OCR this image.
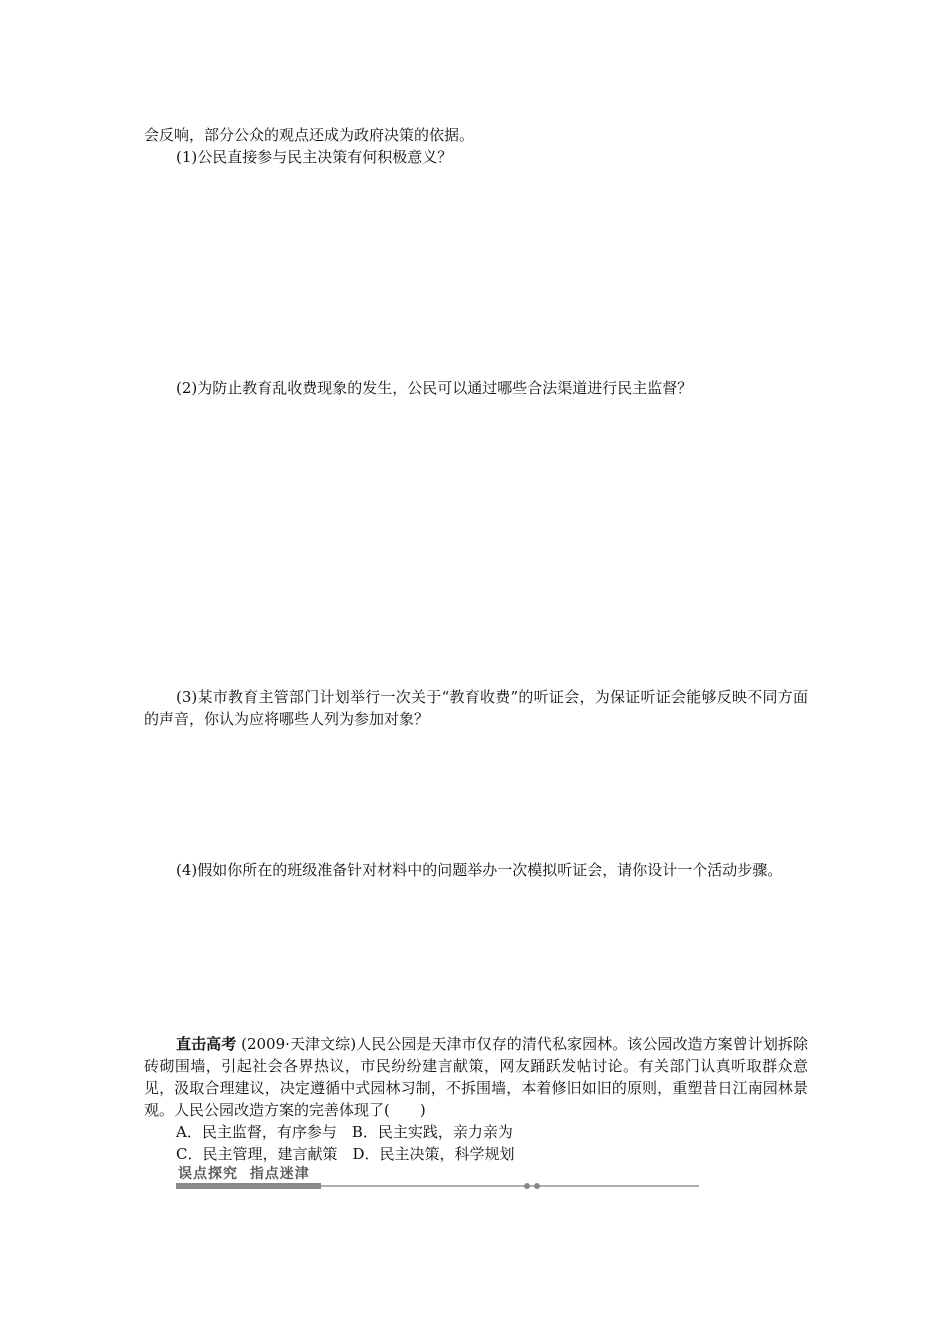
会反响，部分公众的观点还成为政府决策的依据。

(1)公民直接参与民主决策有何积极意义？

(2)为防止教育乱收费现象的发生，公民可以通过哪些合法渠道进行民主监督？

(3)某市教育主管部门计划举行一次关于“教育收费”的听证会，为保证听证会能够反映不同方面的声音，你认为应将哪些人列为参加对象？

(4)假如你所在的班级准备针对材料中的问题举办一次模拟听证会，请你设计一个活动步骤。

直击高考 (2009·天津文综)人民公园是天津市仅存的清代私家园林。该公园改造方案曾计划拆除砖砌围墙，引起社会各界热议，市民纷纷建言献策，网友踊跃发帖讨论。有关部门认真听取群众意见，汲取合理建议，决定遵循中式园林习制，不拆围墙，本着修旧如旧的原则，重塑昔日江南园林景观。人民公园改造方案的完善体现了(　　)

A．民主监督，有序参与　B．民主实践，亲力亲为

C．民主管理，建言献策　D．民主决策，科学规划

误点探究  指点迷津
